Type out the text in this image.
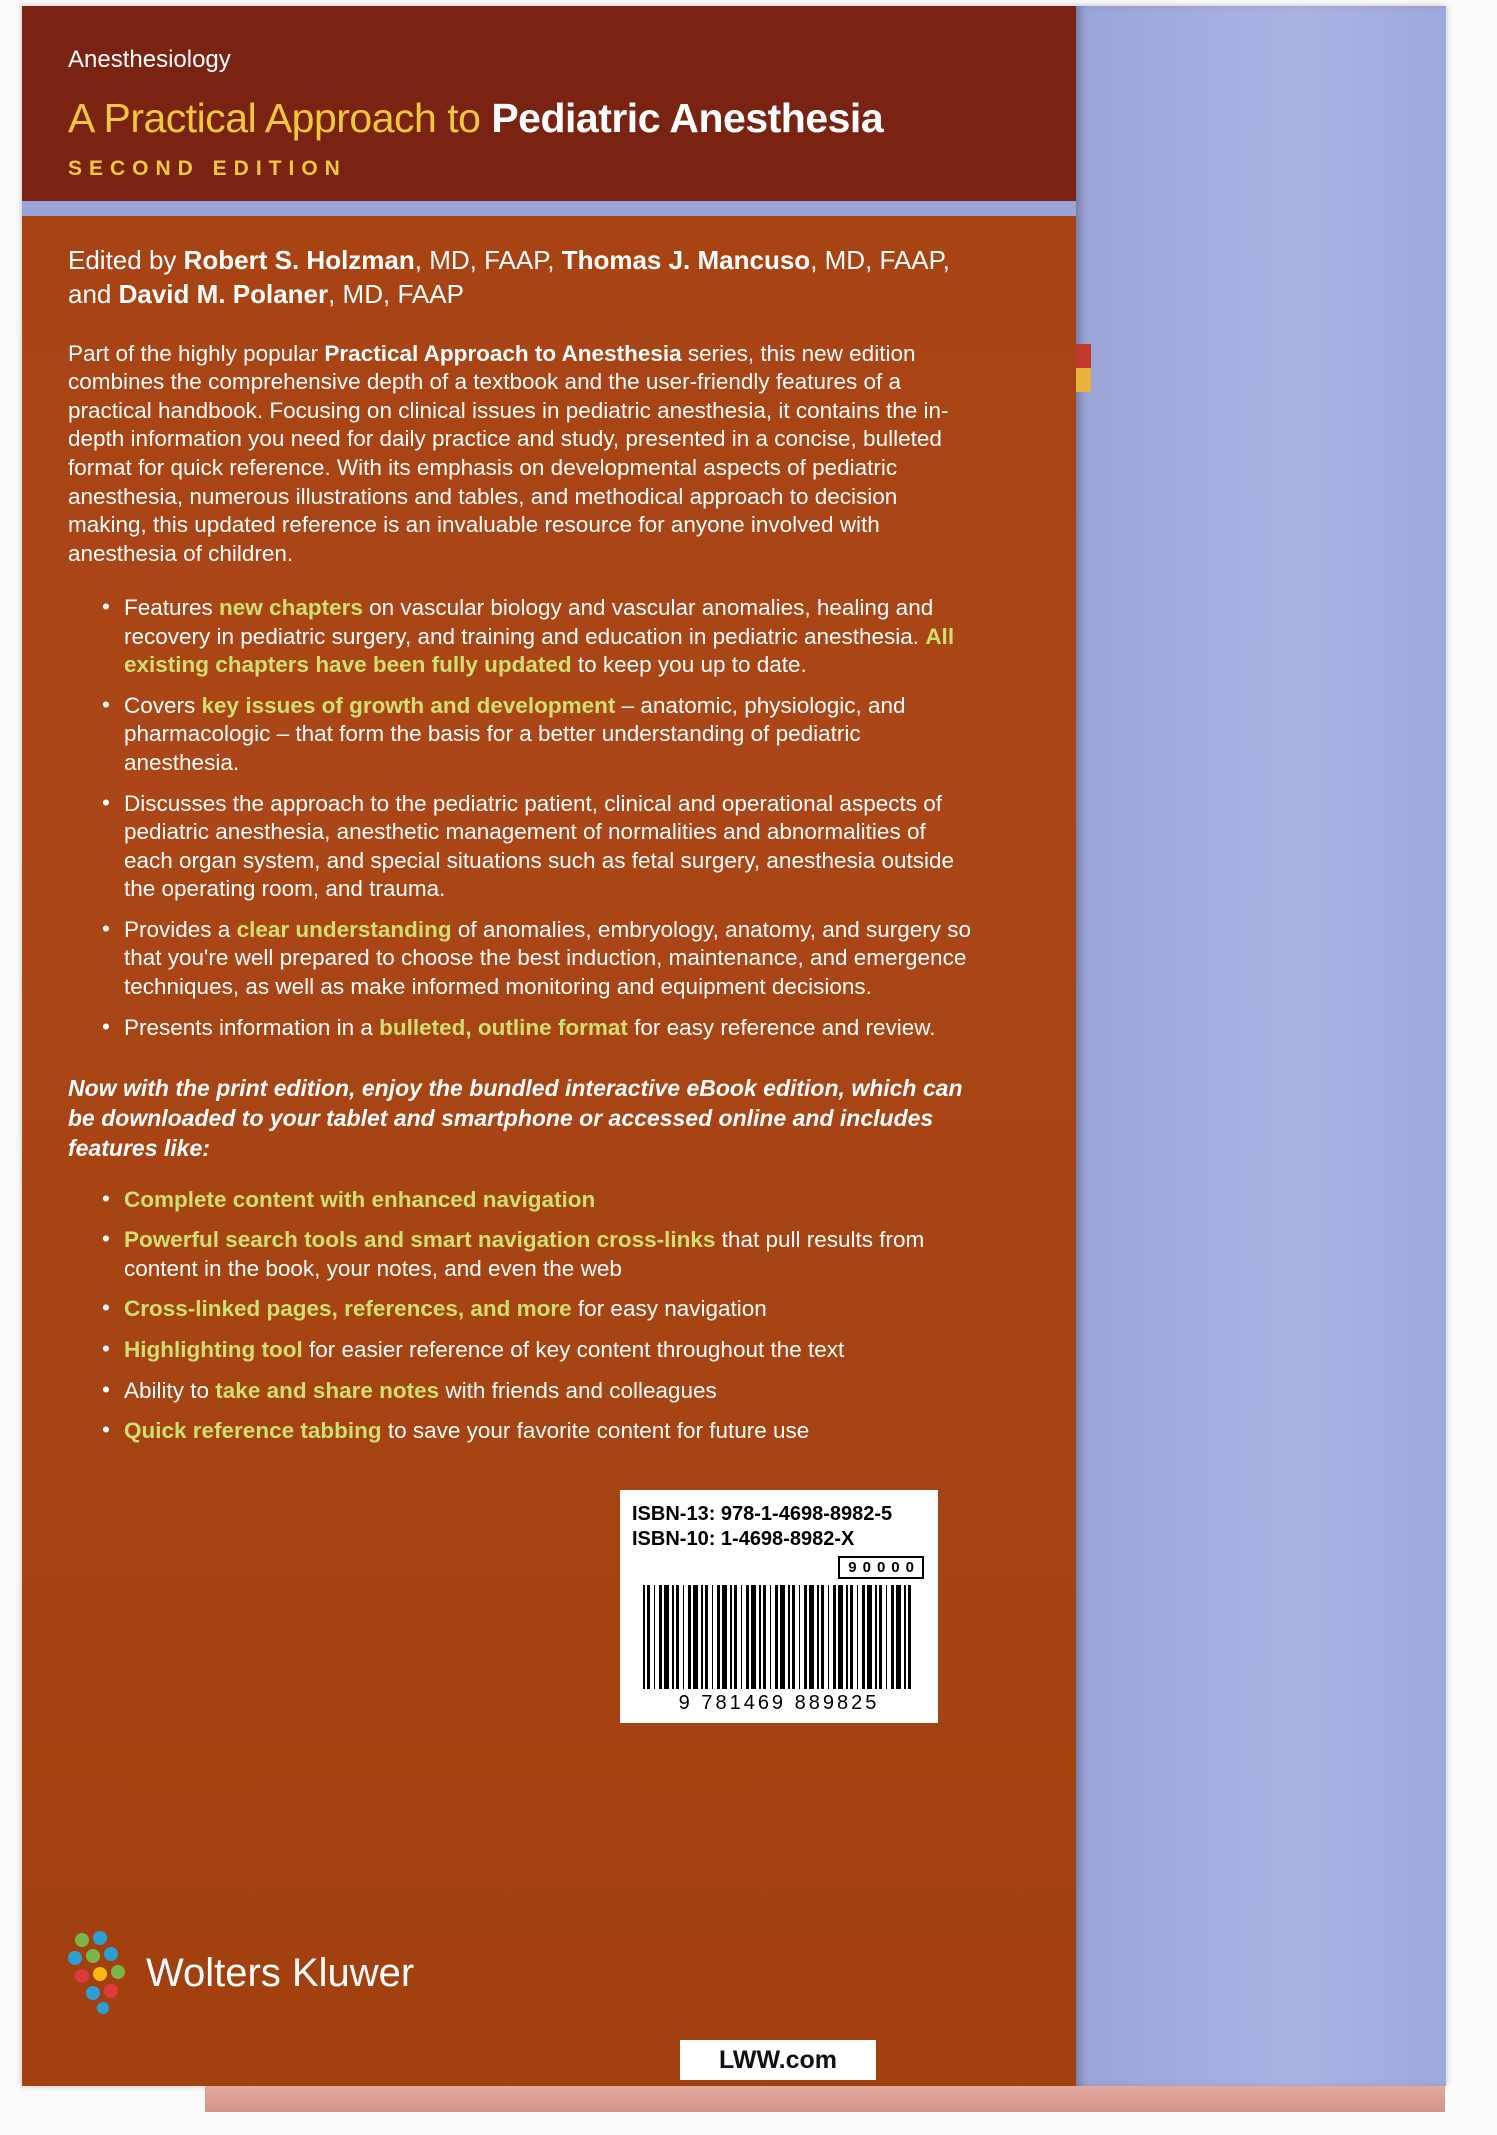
Anesthesiology
A Practical Approach to Pediatric Anesthesia
SECOND EDITION

Edited by Robert S. Holzman, MD, FAAP, Thomas J. Mancuso, MD, FAAP, and David M. Polaner, MD, FAAP

Part of the highly popular Practical Approach to Anesthesia series, this new edition combines the comprehensive depth of a textbook and the user-friendly features of a practical handbook. Focusing on clinical issues in pediatric anesthesia, it contains the in-depth information you need for daily practice and study, presented in a concise, bulleted format for quick reference. With its emphasis on developmental aspects of pediatric anesthesia, numerous illustrations and tables, and methodical approach to decision making, this updated reference is an invaluable resource for anyone involved with anesthesia of children.

• Features new chapters on vascular biology and vascular anomalies, healing and recovery in pediatric surgery, and training and education in pediatric anesthesia. All existing chapters have been fully updated to keep you up to date.
• Covers key issues of growth and development – anatomic, physiologic, and pharmacologic – that form the basis for a better understanding of pediatric anesthesia.
• Discusses the approach to the pediatric patient, clinical and operational aspects of pediatric anesthesia, anesthetic management of normalities and abnormalities of each organ system, and special situations such as fetal surgery, anesthesia outside the operating room, and trauma.
• Provides a clear understanding of anomalies, embryology, anatomy, and surgery so that you're well prepared to choose the best induction, maintenance, and emergence techniques, as well as make informed monitoring and equipment decisions.
• Presents information in a bulleted, outline format for easy reference and review.

Now with the print edition, enjoy the bundled interactive eBook edition, which can be downloaded to your tablet and smartphone or accessed online and includes features like:

• Complete content with enhanced navigation
• Powerful search tools and smart navigation cross-links that pull results from content in the book, your notes, and even the web
• Cross-linked pages, references, and more for easy navigation
• Highlighting tool for easier reference of key content throughout the text
• Ability to take and share notes with friends and colleagues
• Quick reference tabbing to save your favorite content for future use
ISBN-13: 978-1-4698-8982-5
ISBN-10: 1-4698-8982-X
90000
9 781469 889825
Wolters Kluwer
LWW.com
